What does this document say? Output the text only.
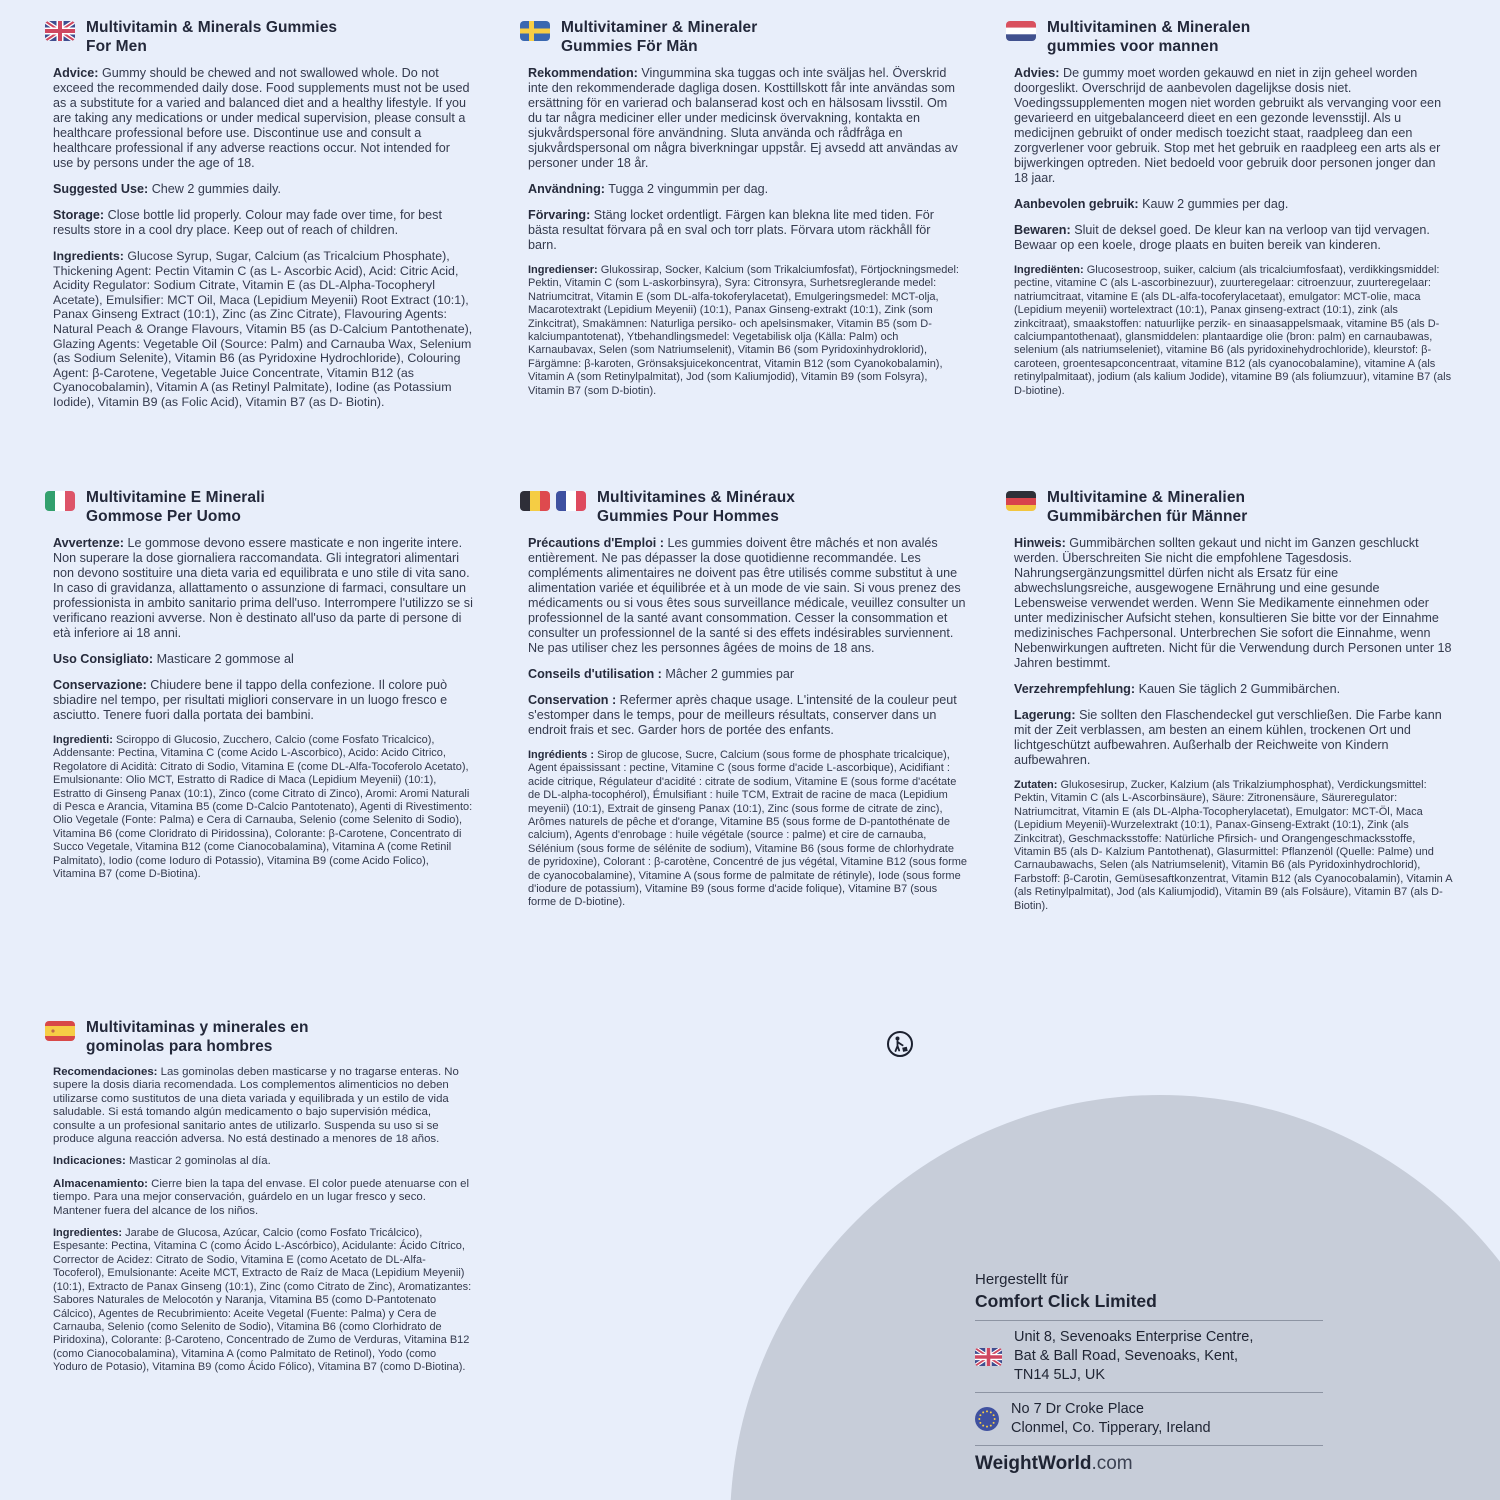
Multivitamin & Minerals Gummies
For Men

Advice: Gummy should be chewed and not swallowed whole. Do not exceed the recommended daily dose. Food supplements must not be used as a substitute for a varied and balanced diet and a healthy lifestyle. If you are taking any medications or under medical supervision, please consult a healthcare professional before use. Discontinue use and consult a healthcare professional if any adverse reactions occur. Not intended for use by persons under the age of 18.

Suggested Use: Chew 2 gummies daily.

Storage: Close bottle lid properly. Colour may fade over time, for best results store in a cool dry place. Keep out of reach of children.

Ingredients: Glucose Syrup, Sugar, Calcium (as Tricalcium Phosphate), Thickening Agent: Pectin Vitamin C (as L- Ascorbic Acid), Acid: Citric Acid, Acidity Regulator: Sodium Citrate, Vitamin E (as DL-Alpha-Tocopheryl Acetate), Emulsifier: MCT Oil, Maca (Lepidium Meyenii) Root Extract (10:1), Panax Ginseng Extract (10:1), Zinc (as Zinc Citrate), Flavouring Agents: Natural Peach & Orange Flavours, Vitamin B5 (as D-Calcium Pantothenate), Glazing Agents: Vegetable Oil (Source: Palm) and Carnauba Wax, Selenium (as Sodium Selenite), Vitamin B6 (as Pyridoxine Hydrochloride), Colouring Agent: β-Carotene, Vegetable Juice Concentrate, Vitamin B12 (as Cyanocobalamin), Vitamin A (as Retinyl Palmitate), Iodine (as Potassium Iodide), Vitamin B9 (as Folic Acid), Vitamin B7 (as D- Biotin).

Multivitaminer & Mineraler
Gummies För Män

Rekommendation: Vingummina ska tuggas och inte sväljas hel. Överskrid inte den rekommenderade dagliga dosen. Kosttillskott får inte användas som ersättning för en varierad och balanserad kost och en hälsosam livsstil. Om du tar några mediciner eller under medicinsk övervakning, kontakta en sjukvårdspersonal före användning. Sluta använda och rådfråga en sjukvårdspersonal om några biverkningar uppstår. Ej avsedd att användas av personer under 18 år.

Användning: Tugga 2 vingummin per dag.

Förvaring: Stäng locket ordentligt. Färgen kan blekna lite med tiden. För bästa resultat förvara på en sval och torr plats. Förvara utom räckhåll för barn.

Ingredienser: Glukossirap, Socker, Kalcium (som Trikalciumfosfat), Förtjockningsmedel: Pektin, Vitamin C (som L-askorbinsyra), Syra: Citronsyra, Surhetsreglerande medel: Natriumcitrat, Vitamin E (som DL-alfa-tokoferylacetat), Emulgeringsmedel: MCT-olja, Macarotextrakt (Lepidium Meyenii) (10:1), Panax Ginseng-extrakt (10:1), Zink (som Zinkcitrat), Smakämnen: Naturliga persiko- och apelsinsmaker, Vitamin B5 (som D-kalciumpantotenat), Ytbehandlingsmedel: Vegetabilisk olja (Källa: Palm) och Karnaubavax, Selen (som Natriumselenit), Vitamin B6 (som Pyridoxinhydroklorid), Färgämne: β-karoten, Grönsaksjuicekoncentrat, Vitamin B12 (som Cyanokobalamin), Vitamin A (som Retinylpalmitat), Jod (som Kaliumjodid), Vitamin B9 (som Folsyra), Vitamin B7 (som D-biotin).

Multivitaminen & Mineralen
gummies voor mannen

Advies: De gummy moet worden gekauwd en niet in zijn geheel worden doorgeslikt. Overschrijd de aanbevolen dagelijkse dosis niet. Voedingssupplementen mogen niet worden gebruikt als vervanging voor een gevarieerd en uitgebalanceerd dieet en een gezonde levensstijl. Als u medicijnen gebruikt of onder medisch toezicht staat, raadpleeg dan een zorgverlener voor gebruik. Stop met het gebruik en raadpleeg een arts als er bijwerkingen optreden. Niet bedoeld voor gebruik door personen jonger dan 18 jaar.

Aanbevolen gebruik: Kauw 2 gummies per dag.

Bewaren: Sluit de deksel goed. De kleur kan na verloop van tijd vervagen. Bewaar op een koele, droge plaats en buiten bereik van kinderen.

Ingrediënten: Glucosestroop, suiker, calcium (als tricalciumfosfaat), verdikkingsmiddel: pectine, vitamine C (als L-ascorbinezuur), zuurteregelaar: citroenzuur, zuurteregelaar: natriumcitraat, vitamine E (als DL-alfa-tocoferylacetaat), emulgator: MCT-olie, maca (Lepidium meyenii) wortelextract (10:1), Panax ginseng-extract (10:1), zink (als zinkcitraat), smaakstoffen: natuurlijke perzik- en sinaasappelsmaak, vitamine B5 (als D-calciumpantothenaat), glansmiddelen: plantaardige olie (bron: palm) en carnaubawas, selenium (als natriumseleniet), vitamine B6 (als pyridoxinehydrochloride), kleurstof: β-caroteen, groentesapconcentraat, vitamine B12 (als cyanocobalamine), vitamine A (als retinylpalmitaat), jodium (als kalium Jodide), vitamine B9 (als foliumzuur), vitamine B7 (als D-biotine).

Multivitamine E Minerali
Gommose Per Uomo

Avvertenze: Le gommose devono essere masticate e non ingerite intere. Non superare la dose giornaliera raccomandata. Gli integratori alimentari non devono sostituire una dieta varia ed equilibrata e uno stile di vita sano. In caso di gravidanza, allattamento o assunzione di farmaci, consultare un professionista in ambito sanitario prima dell'uso. Interrompere l'utilizzo se si verificano reazioni avverse. Non è destinato all'uso da parte di persone di età inferiore ai 18 anni.

Uso Consigliato: Masticare 2 gommose al

Conservazione: Chiudere bene il tappo della confezione. Il colore può sbiadire nel tempo, per risultati migliori conservare in un luogo fresco e asciutto. Tenere fuori dalla portata dei bambini.

Ingredienti: Sciroppo di Glucosio, Zucchero, Calcio (come Fosfato Tricalcico), Addensante: Pectina, Vitamina C (come Acido L-Ascorbico), Acido: Acido Citrico, Regolatore di Acidità: Citrato di Sodio, Vitamina E (come DL-Alfa-Tocoferolo Acetato), Emulsionante: Olio MCT, Estratto di Radice di Maca (Lepidium Meyenii) (10:1), Estratto di Ginseng Panax (10:1), Zinco (come Citrato di Zinco), Aromi: Aromi Naturali di Pesca e Arancia, Vitamina B5 (come D-Calcio Pantotenato), Agenti di Rivestimento: Olio Vegetale (Fonte: Palma) e Cera di Carnauba, Selenio (come Selenito di Sodio), Vitamina B6 (come Cloridrato di Piridossina), Colorante: β-Carotene, Concentrato di Succo Vegetale, Vitamina B12 (come Cianocobalamina), Vitamina A (come Retinil Palmitato), Iodio (come Ioduro di Potassio), Vitamina B9 (come Acido Folico), Vitamina B7 (come D-Biotina).

Multivitamines & Minéraux
Gummies Pour Hommes

Précautions d'Emploi : Les gummies doivent être mâchés et non avalés entièrement. Ne pas dépasser la dose quotidienne recommandée. Les compléments alimentaires ne doivent pas être utilisés comme substitut à une alimentation variée et équilibrée et à un mode de vie sain. Si vous prenez des médicaments ou si vous êtes sous surveillance médicale, veuillez consulter un professionnel de la santé avant consommation. Cesser la consommation et consulter un professionnel de la santé si des effets indésirables surviennent. Ne pas utiliser chez les personnes âgées de moins de 18 ans.

Conseils d'utilisation : Mâcher 2 gummies par

Conservation : Refermer après chaque usage. L'intensité de la couleur peut s'estomper dans le temps, pour de meilleurs résultats, conserver dans un endroit frais et sec. Garder hors de portée des enfants.

Ingrédients : Sirop de glucose, Sucre, Calcium (sous forme de phosphate tricalcique), Agent épaississant : pectine, Vitamine C (sous forme d'acide L-ascorbique), Acidifiant : acide citrique, Régulateur d'acidité : citrate de sodium, Vitamine E (sous forme d'acétate de DL-alpha-tocophérol), Émulsifiant : huile TCM, Extrait de racine de maca (Lepidium meyenii) (10:1), Extrait de ginseng Panax (10:1), Zinc (sous forme de citrate de zinc), Arômes naturels de pêche et d'orange, Vitamine B5 (sous forme de D-pantothénate de calcium), Agents d'enrobage : huile végétale (source : palme) et cire de carnauba, Sélénium (sous forme de sélénite de sodium), Vitamine B6 (sous forme de chlorhydrate de pyridoxine), Colorant : β-carotène, Concentré de jus végétal, Vitamine B12 (sous forme de cyanocobalamine), Vitamine A (sous forme de palmitate de rétinyle), Iode (sous forme d'iodure de potassium), Vitamine B9 (sous forme d'acide folique), Vitamine B7 (sous forme de D-biotine).

Multivitamine & Mineralien
Gummibärchen für Männer

Hinweis: Gummibärchen sollten gekaut und nicht im Ganzen geschluckt werden. Überschreiten Sie nicht die empfohlene Tagesdosis. Nahrungsergänzungsmittel dürfen nicht als Ersatz für eine abwechslungsreiche, ausgewogene Ernährung und eine gesunde Lebensweise verwendet werden. Wenn Sie Medikamente einnehmen oder unter medizinischer Aufsicht stehen, konsultieren Sie bitte vor der Einnahme medizinisches Fachpersonal. Unterbrechen Sie sofort die Einnahme, wenn Nebenwirkungen auftreten. Nicht für die Verwendung durch Personen unter 18 Jahren bestimmt.

Verzehrempfehlung: Kauen Sie täglich 2 Gummibärchen.

Lagerung: Sie sollten den Flaschendeckel gut verschließen. Die Farbe kann mit der Zeit verblassen, am besten an einem kühlen, trockenen Ort und lichtgeschützt aufbewahren. Außerhalb der Reichweite von Kindern aufbewahren.

Zutaten: Glukosesirup, Zucker, Kalzium (als Trikalziumphosphat), Verdickungsmittel: Pektin, Vitamin C (als L-Ascorbinsäure), Säure: Zitronensäure, Säureregulator: Natriumcitrat, Vitamin E (als DL-Alpha-Tocopherylacetat), Emulgator: MCT-Öl, Maca (Lepidium Meyenii)-Wurzelextrakt (10:1), Panax-Ginseng-Extrakt (10:1), Zink (als Zinkcitrat), Geschmacksstoffe: Natürliche Pfirsich- und Orangengeschmacksstoffe, Vitamin B5 (als D- Kalzium Pantothenat), Glasurmittel: Pflanzenöl (Quelle: Palme) und Carnaubawachs, Selen (als Natriumselenit), Vitamin B6 (als Pyridoxinhydrochlorid), Farbstoff: β-Carotin, Gemüsesaftkonzentrat, Vitamin B12 (als Cyanocobalamin), Vitamin A (als Retinylpalmitat), Jod (als Kaliumjodid), Vitamin B9 (als Folsäure), Vitamin B7 (als D-Biotin).

Multivitaminas y minerales en
gominolas para hombres

Recomendaciones: Las gominolas deben masticarse y no tragarse enteras. No supere la dosis diaria recomendada. Los complementos alimenticios no deben utilizarse como sustitutos de una dieta variada y equilibrada y un estilo de vida saludable. Si está tomando algún medicamento o bajo supervisión médica, consulte a un profesional sanitario antes de utilizarlo. Suspenda su uso si se produce alguna reacción adversa. No está destinado a menores de 18 años.

Indicaciones: Masticar 2 gominolas al día.

Almacenamiento: Cierre bien la tapa del envase. El color puede atenuarse con el tiempo. Para una mejor conservación, guárdelo en un lugar fresco y seco. Mantener fuera del alcance de los niños.

Ingredientes: Jarabe de Glucosa, Azúcar, Calcio (como Fosfato Tricálcico), Espesante: Pectina, Vitamina C (como Ácido L-Ascórbico), Acidulante: Ácido Cítrico, Corrector de Acidez: Citrato de Sodio, Vitamina E (como Acetato de DL-Alfa-Tocoferol), Emulsionante: Aceite MCT, Extracto de Raíz de Maca (Lepidium Meyenii) (10:1), Extracto de Panax Ginseng (10:1), Zinc (como Citrato de Zinc), Aromatizantes: Sabores Naturales de Melocotón y Naranja, Vitamina B5 (como D-Pantotenato Cálcico), Agentes de Recubrimiento: Aceite Vegetal (Fuente: Palma) y Cera de Carnauba, Selenio (como Selenito de Sodio), Vitamina B6 (como Clorhidrato de Piridoxina), Colorante: β-Caroteno, Concentrado de Zumo de Verduras, Vitamina B12 (como Cianocobalamina), Vitamina A (como Palmitato de Retinol), Yodo (como Yoduro de Potasio), Vitamina B9 (como Ácido Fólico), Vitamina B7 (como D-Biotina).

Hergestellt für
Comfort Click Limited
Unit 8, Sevenoaks Enterprise Centre,
Bat & Ball Road, Sevenoaks, Kent,
TN14 5LJ, UK
No 7 Dr Croke Place
Clonmel, Co. Tipperary, Ireland
WeightWorld.com
